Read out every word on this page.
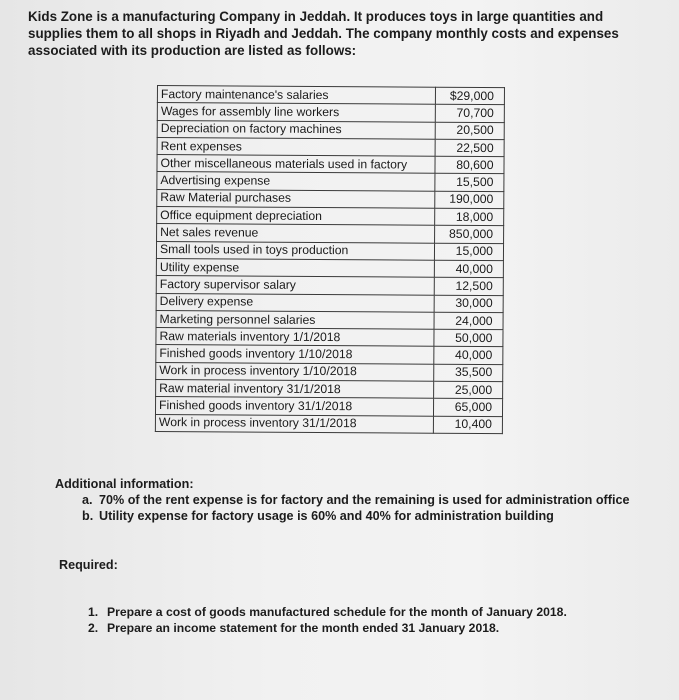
Kids Zone is a manufacturing Company in Jeddah. It produces toys in large quantities and supplies them to all shops in Riyadh and Jeddah. The company monthly costs and expenses associated with its production are listed as follows:

Factory maintenance's salaries	$29,000
Wages for assembly line workers	70,700
Depreciation on factory machines	20,500
Rent expenses	22,500
Other miscellaneous materials used in factory	80,600
Advertising expense	15,500
Raw Material purchases	190,000
Office equipment depreciation	18,000
Net sales revenue	850,000
Small tools used in toys production	15,000
Utility expense	40,000
Factory supervisor salary	12,500
Delivery expense	30,000
Marketing personnel salaries	24,000
Raw materials inventory 1/1/2018	50,000
Finished goods inventory 1/10/2018	40,000
Work in process inventory 1/10/2018	35,500
Raw material inventory 31/1/2018	25,000
Finished goods inventory 31/1/2018	65,000
Work in process inventory 31/1/2018	10,400

Additional information:

a. 70% of the rent expense is for factory and the remaining is used for administration office
b. Utility expense for factory usage is 60% and 40% for administration building
Required:
1. Prepare a cost of goods manufactured schedule for the month of January 2018.
2. Prepare an income statement for the month ended 31 January 2018.
